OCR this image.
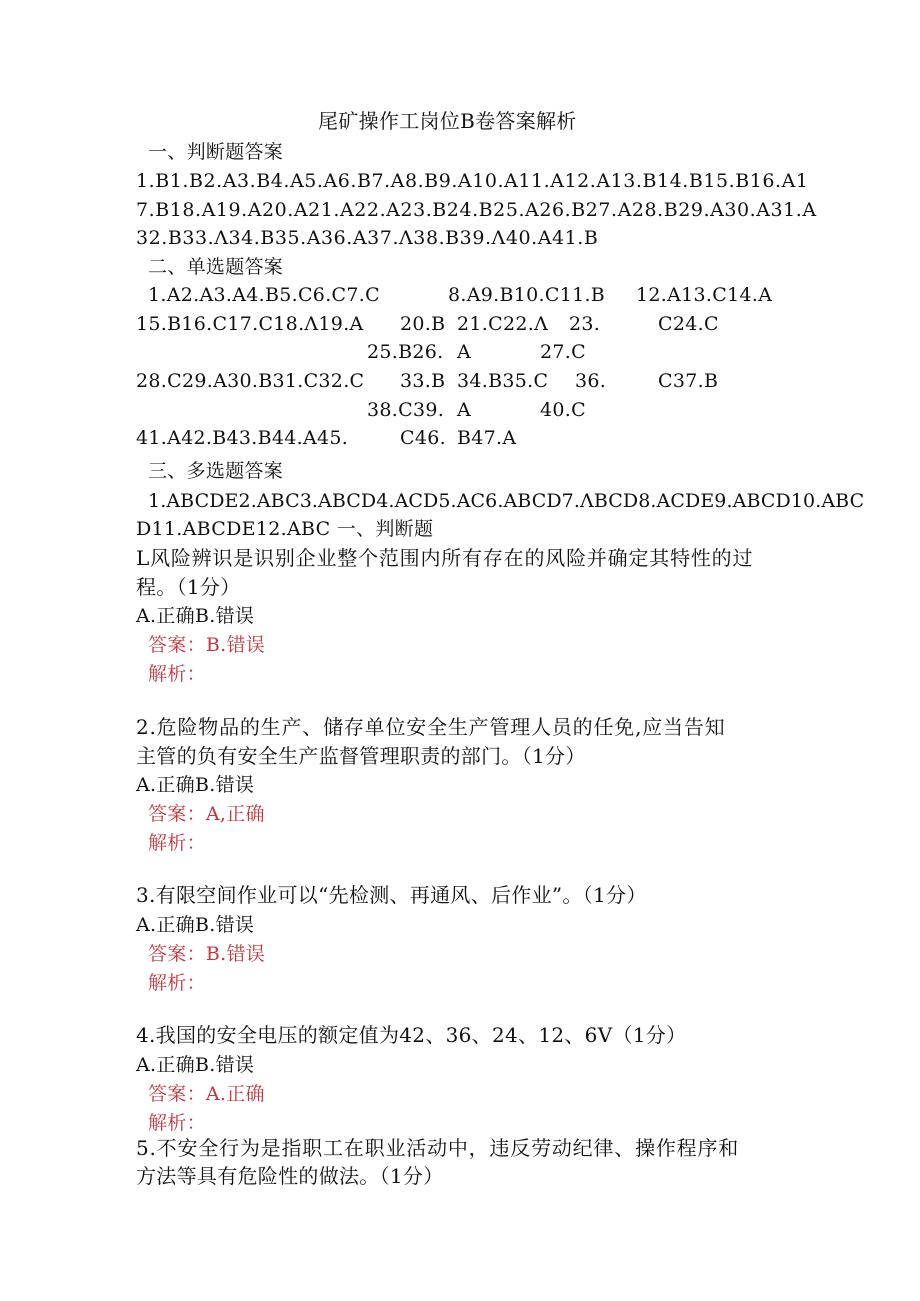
尾矿操作工岗位B卷答案解析
一、判断题答案
1.B1.B2.A3.B4.A5.A6.B7.A8.B9.A10.A11.A12.A13.B14.B15.B16.A1
7.B18.A19.A20.A21.A22.A23.B24.B25.A26.B27.A28.B29.A30.A31.A
32.B33.Λ34.B35.A36.A37.Λ38.B39.Λ40.A41.B
二、单选题答案
1.A2.A3.A4.B5.C6.C7.C	8.A9.B10.C11.B 12.A13.C14.A
15.B16.C17.C18.Λ19.A 20.B 21.C22.Λ 23.	C24.C
25.B26. A	27.C
28.C29.A30.B31.C32.C 33.B 34.B35.C 36.	C37.B
38.C39. A	40.C
41.A42.B43.B44.A45.	C46. B47.A
三、多选题答案
1.ABCDE2.ABC3.ABCD4.ACD5.AC6.ABCD7.ΛBCD8.ACDE9.ABCD10.ABC
D11.ABCDE12.ABC 一、判断题
L风险辨识是识别企业整个范围内所有存在的风险并确定其特性的过
程。（1分）
A.正确B.错误
答案：B.错误
解析：
2.危险物品的生产、储存单位安全生产管理人员的任免,应当告知
主管的负有安全生产监督管理职责的部门。（1分）
A.正确B.错误
答案：A,正确
解析：
3.有限空间作业可以“先检测、再通风、后作业”。（1分）
A.正确B.错误
答案：B.错误
解析：
4.我国的安全电压的额定值为42、36、24、12、6V（1分）
A.正确B.错误
答案：A.正确
解析：
5.不安全行为是指职工在职业活动中，违反劳动纪律、操作程序和
方法等具有危险性的做法。（1分）
